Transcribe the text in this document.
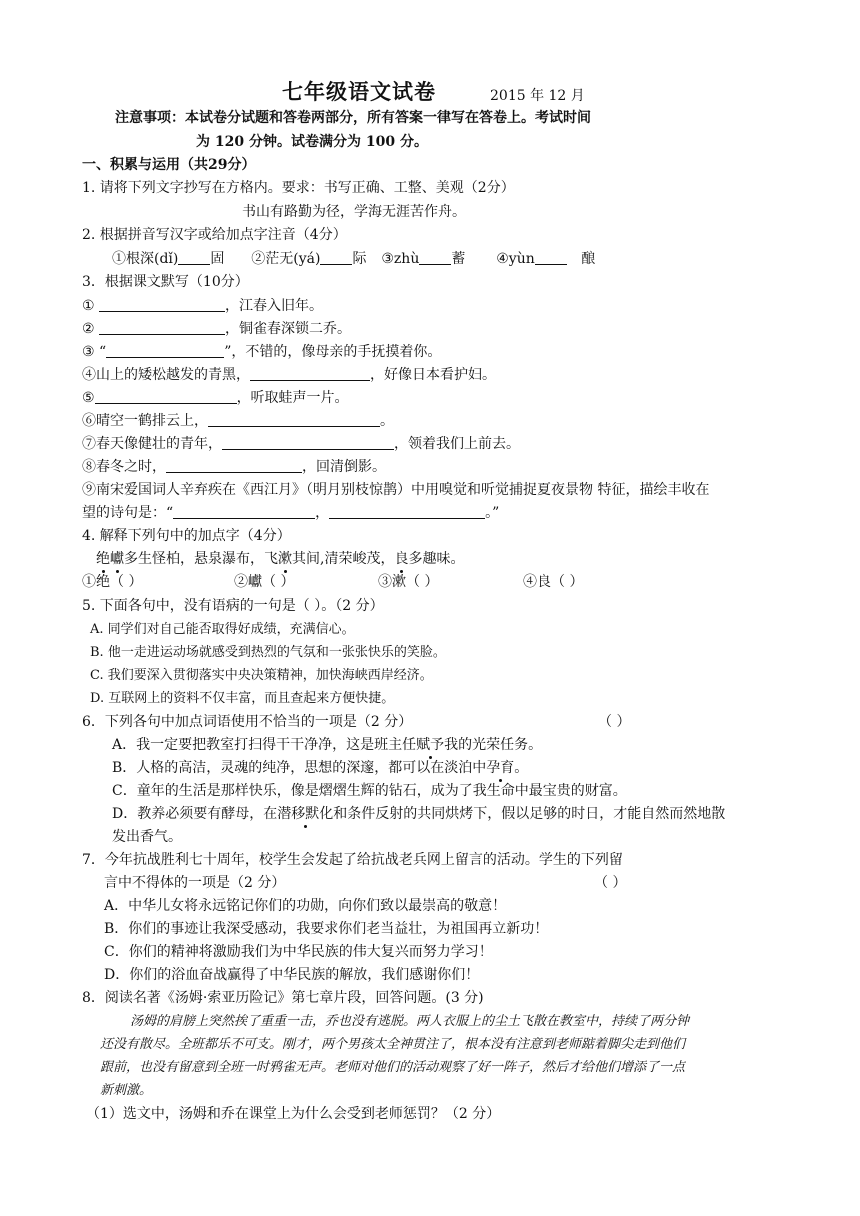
七年级语文试卷	2015 年 12 月
注意事项：本试卷分试题和答卷两部分，所有答案一律写在答卷上。考试时间
为 120 分钟。试卷满分为 100 分。
一、积累与运用（共29分）
1. 请将下列文字抄写在方格内。要求：书写正确、工整、美观（2分）
书山有路勤为径，学海无涯苦作舟。
2. 根据拼音写汉字或给加点字注音（4分）
①根深(dǐ) 固 ②茫无(yá) 际 ③zhù 蓄 ④yùn	酿
3．根据课文默写（10分）
①	，江春入旧年。
②	，铜雀春深锁二乔。
③ “	”，不错的，像母亲的手抚摸着你。
④山上的矮松越发的青黑，	，好像日本看护妇。
⑤	，听取蛙声一片。
⑥晴空一鹤排云上，	。
⑦春天像健壮的青年，	，领着我们上前去。
⑧春冬之时，	，回清倒影。
⑨南宋爱国词人辛弃疾在《西江月》（明月别枝惊鹊）中用嗅觉和听觉捕捉夏夜景物 特征，描绘丰收在
望的诗句是：“	，	。”
4. 解释下列句中的加点字（4分）
绝巘多生怪柏，悬泉瀑布，飞漱其间,清荣峻茂，良多趣味。
①绝（ ）	②巘（ ）	③漱（ ）	④良（ ）
5. 下面各句中，没有语病的一句是（ ）。（2 分）
A. 同学们对自己能否取得好成绩，充满信心。
B. 他一走进运动场就感受到热烈的气氛和一张张快乐的笑脸。
C. 我们要深入贯彻落实中央决策精神，加快海峡西岸经济。
D. 互联网上的资料不仅丰富，而且查起来方便快捷。
6．下列各句中加点词语使用不恰当的一项是（2 分）	（ ）
A．我一定要把教室打扫得干干净净，这是班主任赋予我的光荣任务。
B．人格的高洁，灵魂的纯净，思想的深邃，都可以在淡泊中孕育。
C．童年的生活是那样快乐，像是熠熠生辉的钻石，成为了我生命中最宝贵的财富。
D．教养必须要有酵母，在潜移默化和条件反射的共同烘烤下，假以足够的时日，才能自然而然地散
发出香气。
7．今年抗战胜利七十周年，校学生会发起了给抗战老兵网上留言的活动。学生的下列留
言中不得体的一项是（2 分）	（ ）
A．中华儿女将永远铭记你们的功勋，向你们致以最崇高的敬意！
B．你们的事迹让我深受感动，我要求你们老当益壮，为祖国再立新功！
C．你们的精神将激励我们为中华民族的伟大复兴而努力学习！
D．你们的浴血奋战赢得了中华民族的解放，我们感谢你们！
8．阅读名著《汤姆·索亚历险记》第七章片段，回答问题。(3 分)
汤姆的肩膀上突然挨了重重一击，乔也没有逃脱。两人衣服上的尘土飞散在教室中，持续了两分钟
还没有散尽。全班都乐不可支。刚才，两个男孩太全神贯注了，根本没有注意到老师踮着脚尖走到他们
跟前，也没有留意到全班一时鸦雀无声。老师对他们的活动观察了好一阵子，然后才给他们增添了一点
新刺激。
（1）选文中，汤姆和乔在课堂上为什么会受到老师惩罚？（2 分）
